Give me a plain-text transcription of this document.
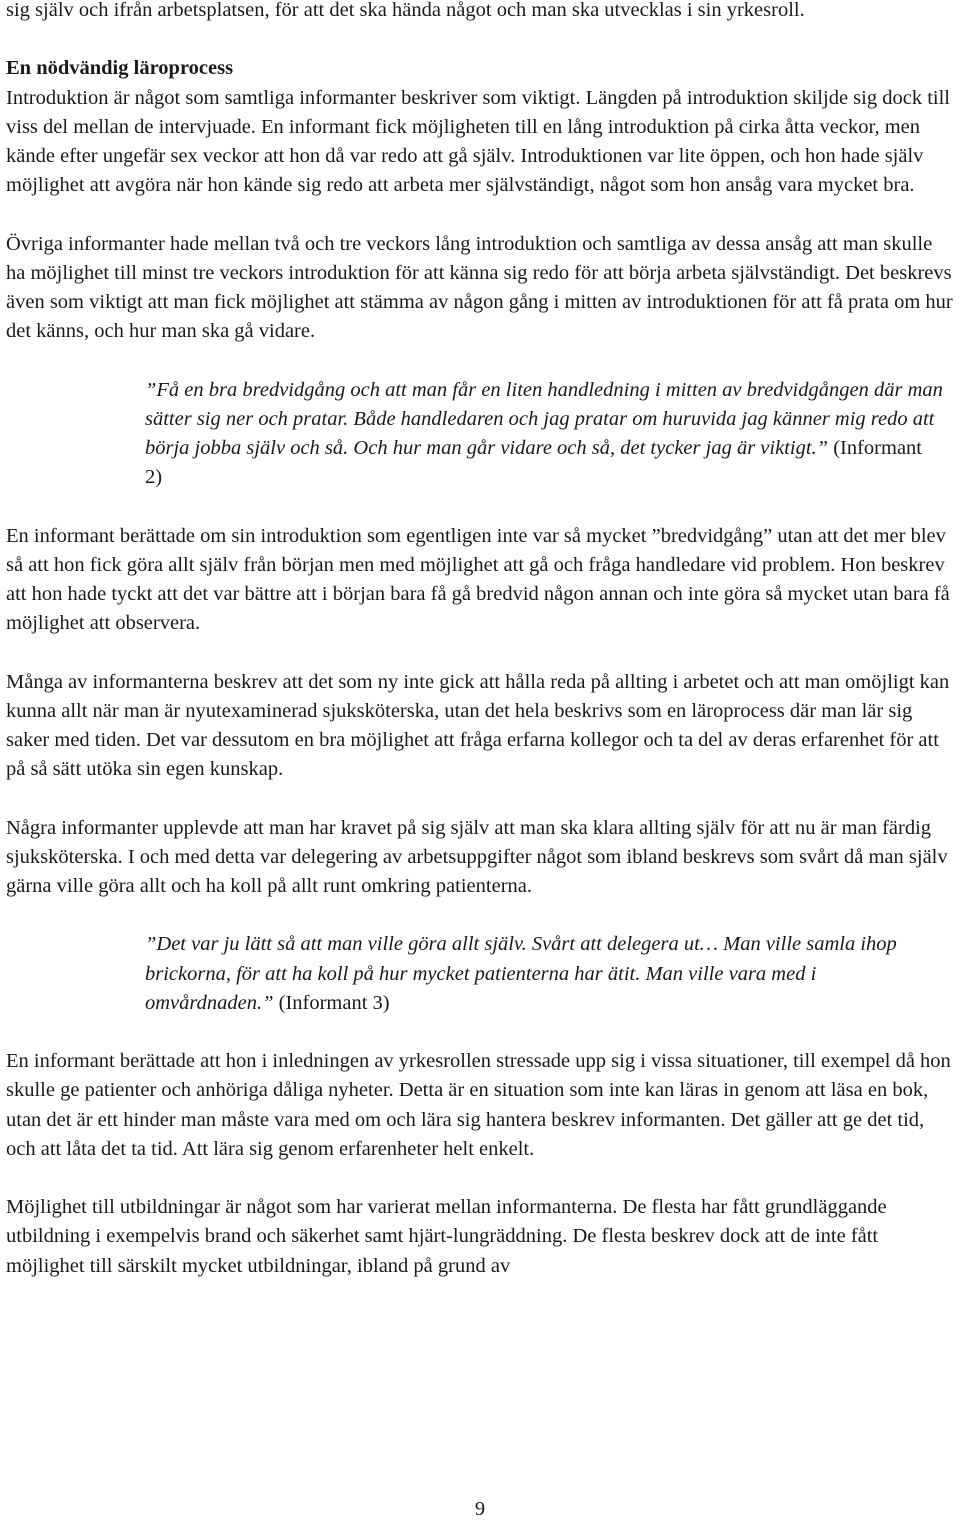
sig själv och ifrån arbetsplatsen, för att det ska hända något och man ska utvecklas i sin yrkesroll.

En nödvändig läroprocess

Introduktion är något som samtliga informanter beskriver som viktigt. Längden på introduktion skiljde sig dock till viss del mellan de intervjuade. En informant fick möjligheten till en lång introduktion på cirka åtta veckor, men kände efter ungefär sex veckor att hon då var redo att gå själv. Introduktionen var lite öppen, och hon hade själv möjlighet att avgöra när hon kände sig redo att arbeta mer självständigt, något som hon ansåg vara mycket bra.

Övriga informanter hade mellan två och tre veckors lång introduktion och samtliga av dessa ansåg att man skulle ha möjlighet till minst tre veckors introduktion för att känna sig redo för att börja arbeta självständigt. Det beskrevs även som viktigt att man fick möjlighet att stämma av någon gång i mitten av introduktionen för att få prata om hur det känns, och hur man ska gå vidare.

”Få en bra bredvidgång och att man får en liten handledning i mitten av bredvidgången där man sätter sig ner och pratar. Både handledaren och jag pratar om huruvida jag känner mig redo att börja jobba själv och så. Och hur man går vidare och så, det tycker jag är viktigt.” (Informant 2)

En informant berättade om sin introduktion som egentligen inte var så mycket ”bredvidgång” utan att det mer blev så att hon fick göra allt själv från början men med möjlighet att gå och fråga handledare vid problem. Hon beskrev att hon hade tyckt att det var bättre att i början bara få gå bredvid någon annan och inte göra så mycket utan bara få möjlighet att observera.

Många av informanterna beskrev att det som ny inte gick att hålla reda på allting i arbetet och att man omöjligt kan kunna allt när man är nyutexaminerad sjuksköterska, utan det hela beskrivs som en läroprocess där man lär sig saker med tiden. Det var dessutom en bra möjlighet att fråga erfarna kollegor och ta del av deras erfarenhet för att på så sätt utöka sin egen kunskap.

Några informanter upplevde att man har kravet på sig själv att man ska klara allting själv för att nu är man färdig sjuksköterska. I och med detta var delegering av arbetsuppgifter något som ibland beskrevs som svårt då man själv gärna ville göra allt och ha koll på allt runt omkring patienterna.

”Det var ju lätt så att man ville göra allt själv. Svårt att delegera ut… Man ville samla ihop brickorna, för att ha koll på hur mycket patienterna har ätit. Man ville vara med i omvårdnaden.” (Informant 3)

En informant berättade att hon i inledningen av yrkesrollen stressade upp sig i vissa situationer, till exempel då hon skulle ge patienter och anhöriga dåliga nyheter. Detta är en situation som inte kan läras in genom att läsa en bok, utan det är ett hinder man måste vara med om och lära sig hantera beskrev informanten. Det gäller att ge det tid, och att låta det ta tid. Att lära sig genom erfarenheter helt enkelt.

Möjlighet till utbildningar är något som har varierat mellan informanterna. De flesta har fått grundläggande utbildning i exempelvis brand och säkerhet samt hjärt-lungräddning. De flesta beskrev dock att de inte fått möjlighet till särskilt mycket utbildningar, ibland på grund av

9
